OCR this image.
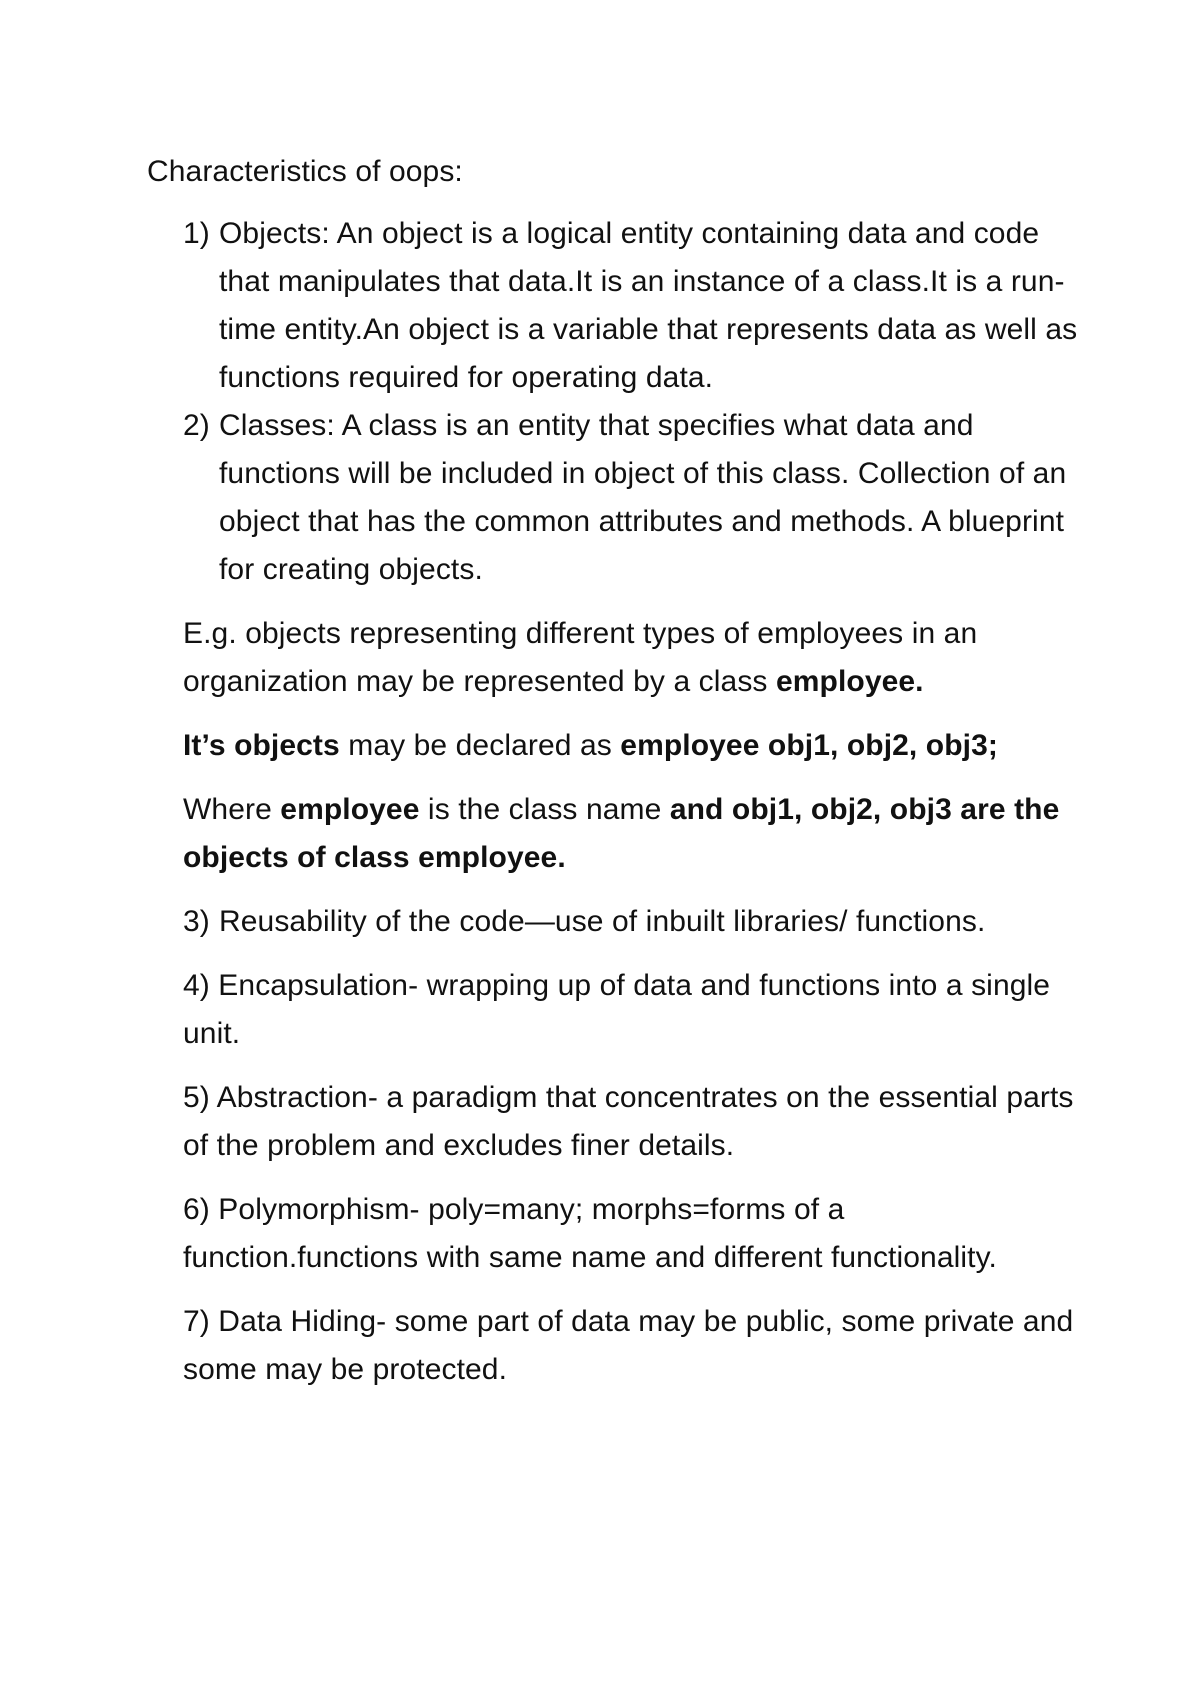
Characteristics of oops:
1) Objects: An object is a logical entity containing data and code that manipulates that data.It is an instance of a class.It is a run-time entity.An object is a variable that represents data as well as functions required for operating data.
2) Classes: A class is an entity that specifies what data and functions will be included in object of this class. Collection of an object that has the common attributes and methods. A blueprint for creating objects.
E.g. objects representing different types of employees in an organization may be represented by a class employee.
It’s objects may be declared as employee obj1, obj2, obj3;
Where employee is the class name and obj1, obj2, obj3 are the objects of class employee.
3) Reusability of the code—use of inbuilt libraries/ functions.
4) Encapsulation- wrapping up of data and functions into a single unit.
5) Abstraction- a paradigm that concentrates on the essential parts of the problem and excludes finer details.
6) Polymorphism- poly=many; morphs=forms of a function.functions with same name and different functionality.
7) Data Hiding- some part of data may be public, some private and some may be protected.
